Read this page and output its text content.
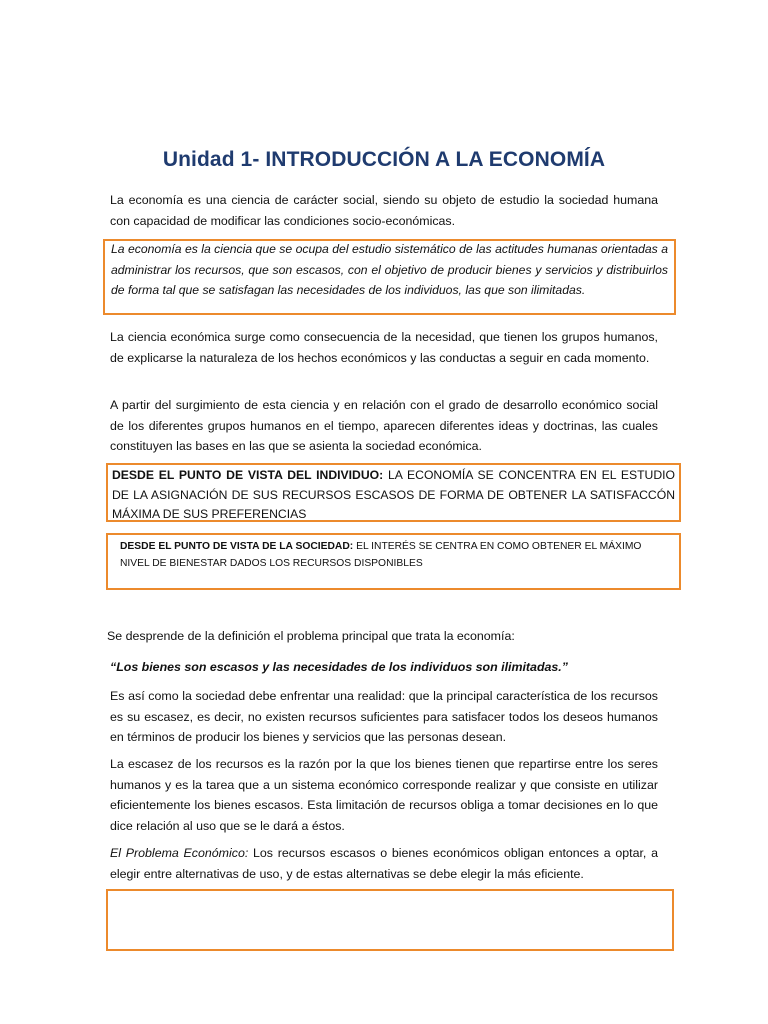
Unidad 1- INTRODUCCIÓN A LA ECONOMÍA
La economía es una ciencia de carácter social, siendo su objeto de estudio la sociedad humana con capacidad de modificar las condiciones socio-económicas.
La economía es la ciencia que se ocupa del estudio sistemático de las actitudes humanas orientadas a administrar los recursos, que son escasos, con el objetivo de producir bienes y servicios y distribuirlos de forma tal que se satisfagan las necesidades de los individuos, las que son ilimitadas.
La ciencia económica surge como consecuencia de la necesidad, que tienen los grupos humanos, de explicarse la naturaleza de los hechos económicos y las conductas a seguir en cada momento.
A partir del surgimiento de esta ciencia y en relación con el grado de desarrollo económico social de los diferentes grupos humanos en el tiempo, aparecen diferentes ideas y doctrinas, las cuales constituyen las bases en las que se asienta la sociedad económica.
DESDE EL PUNTO DE VISTA DEL INDIVIDUO: LA ECONOMÍA SE CONCENTRA EN EL ESTUDIO DE LA ASIGNACIÓN DE SUS RECURSOS ESCASOS DE FORMA DE OBTENER LA SATISFACCÓN MÁXIMA DE SUS PREFERENCIAS
DESDE EL PUNTO DE VISTA DE LA SOCIEDAD: EL INTERÉS SE CENTRA EN COMO OBTENER EL MÁXIMO NIVEL DE BIENESTAR DADOS LOS RECURSOS DISPONIBLES
Se desprende de la definición el problema principal que trata la economía:
“Los bienes son escasos y las necesidades de los individuos son ilimitadas.”
Es así como la sociedad debe enfrentar una realidad: que la principal característica de los recursos es su escasez, es decir, no existen recursos suficientes para satisfacer todos los deseos humanos en términos de producir los bienes y servicios que las personas desean.
La escasez de los recursos es la razón por la que los bienes tienen que repartirse entre los seres humanos y es la tarea que a un sistema económico corresponde realizar y que consiste en utilizar eficientemente los bienes escasos. Esta limitación de recursos obliga a tomar decisiones en lo que dice relación al uso que se le dará a éstos.
El Problema Económico: Los recursos escasos o bienes económicos obligan entonces a optar, a elegir entre alternativas de uso, y de estas alternativas se debe elegir la más eficiente.
